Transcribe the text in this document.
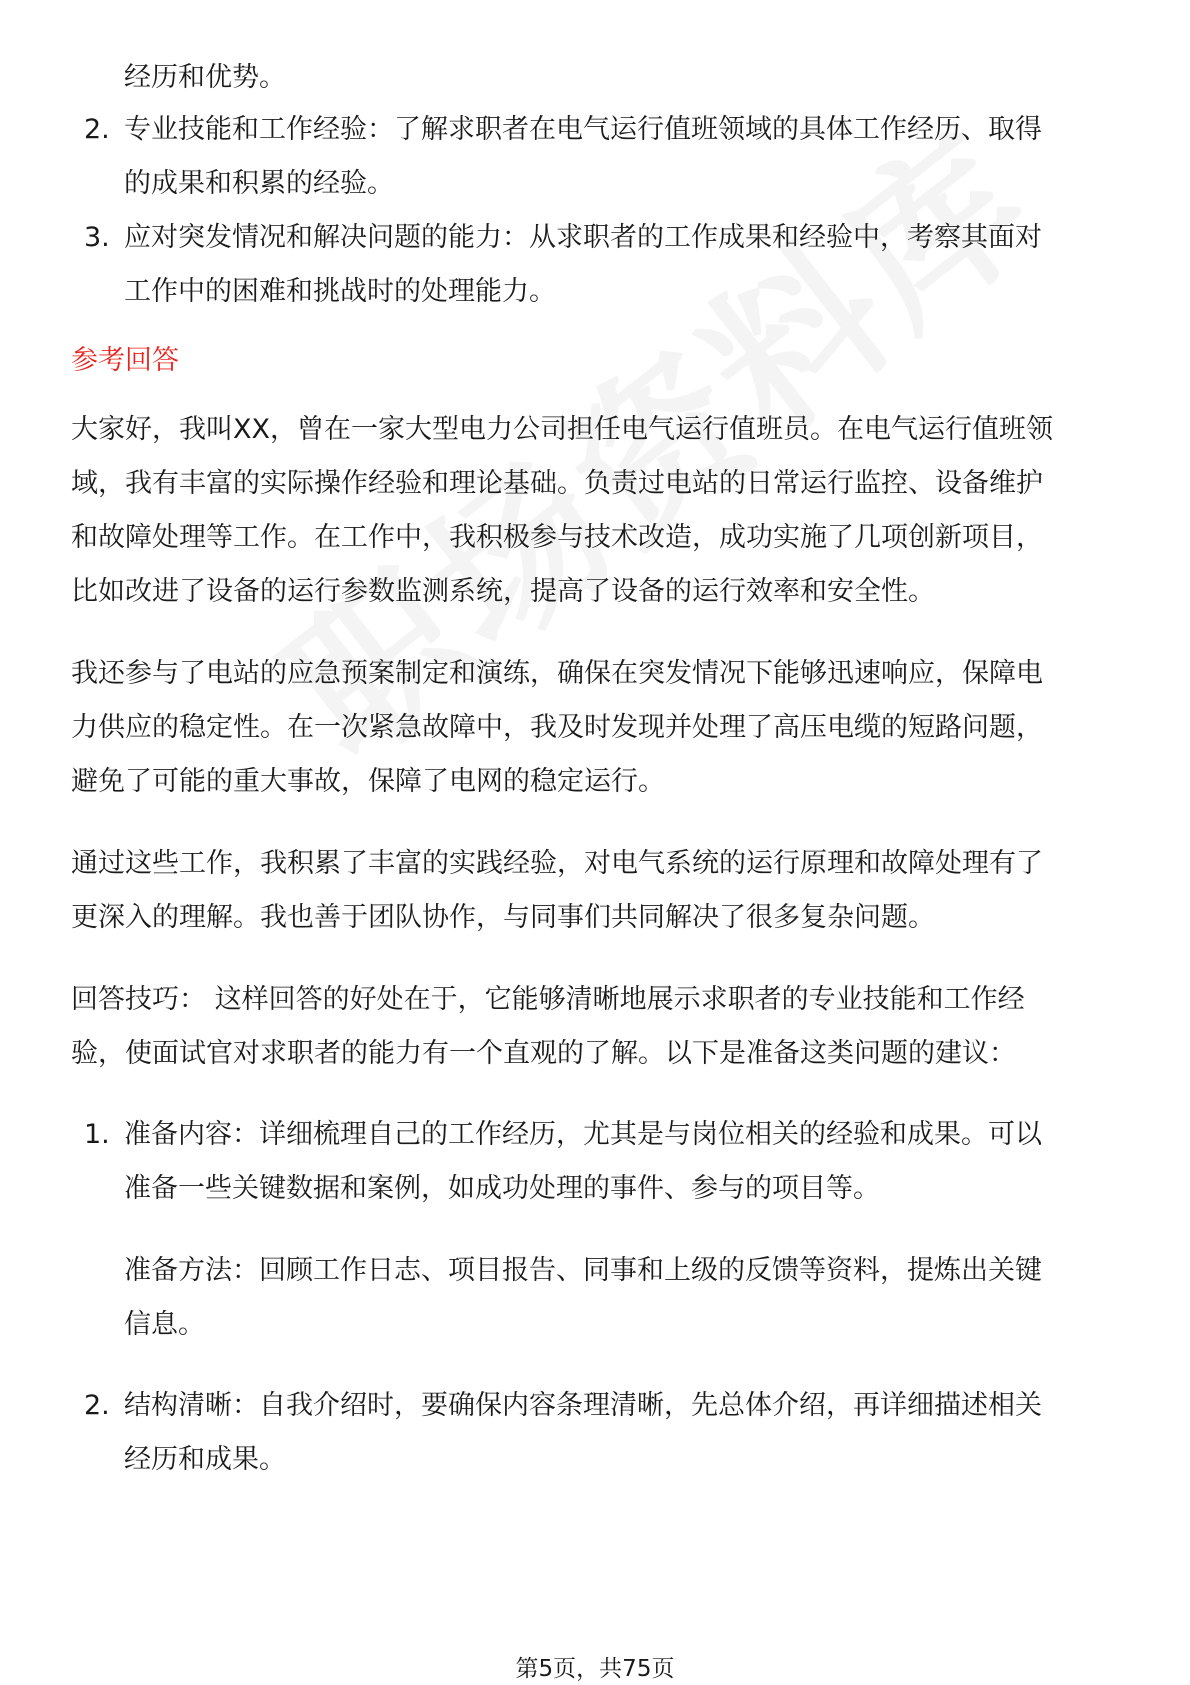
经历和优势。
2. 专业技能和工作经验：了解求职者在电气运行值班领域的具体工作经历、取得
的成果和积累的经验。
3. 应对突发情况和解决问题的能力：从求职者的工作成果和经验中，考察其面对
工作中的困难和挑战时的处理能力。
参考回答
大家好，我叫XX，曾在一家大型电力公司担任电气运行值班员。在电气运行值班领
域，我有丰富的实际操作经验和理论基础。负责过电站的日常运行监控、设备维护
和故障处理等工作。在工作中，我积极参与技术改造，成功实施了几项创新项目，
比如改进了设备的运行参数监测系统，提高了设备的运行效率和安全性。
我还参与了电站的应急预案制定和演练，确保在突发情况下能够迅速响应，保障电
力供应的稳定性。在一次紧急故障中，我及时发现并处理了高压电缆的短路问题，
避免了可能的重大事故，保障了电网的稳定运行。
通过这些工作，我积累了丰富的实践经验，对电气系统的运行原理和故障处理有了
更深入的理解。我也善于团队协作，与同事们共同解决了很多复杂问题。
回答技巧： 这样回答的好处在于，它能够清晰地展示求职者的专业技能和工作经
验，使面试官对求职者的能力有一个直观的了解。以下是准备这类问题的建议：
1. 准备内容：详细梳理自己的工作经历，尤其是与岗位相关的经验和成果。可以
准备一些关键数据和案例，如成功处理的事件、参与的项目等。
准备方法：回顾工作日志、项目报告、同事和上级的反馈等资料，提炼出关键
信息。
2. 结构清晰：自我介绍时，要确保内容条理清晰，先总体介绍，再详细描述相关
经历和成果。
第5页，共75页
